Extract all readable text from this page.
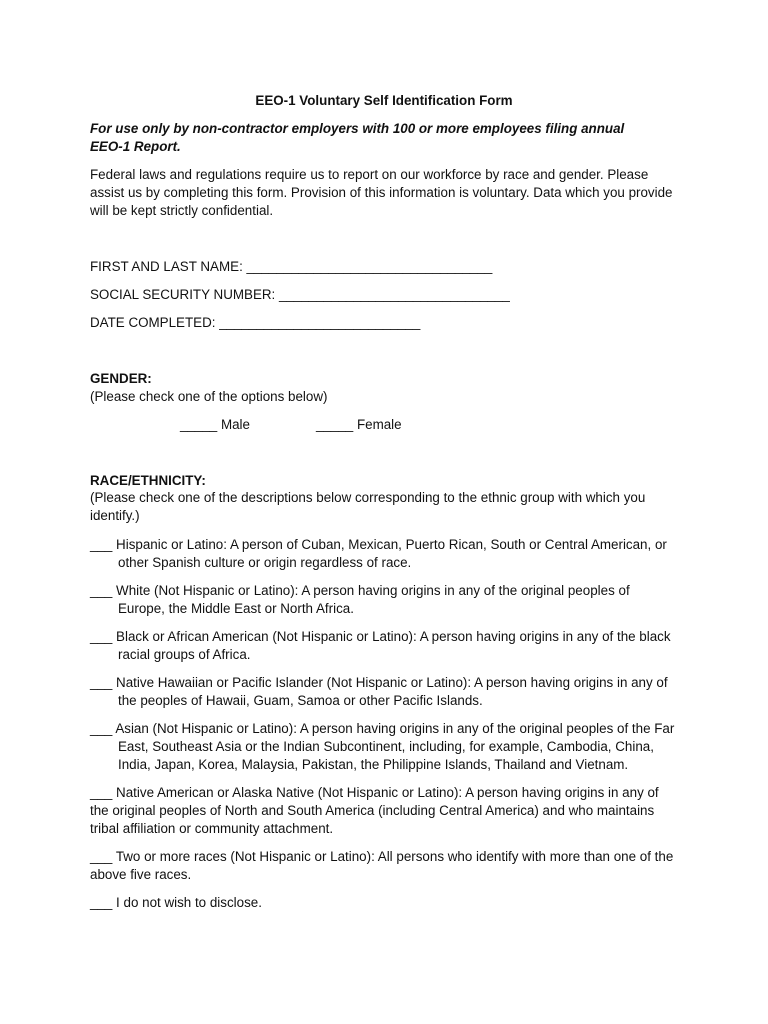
EEO-1 Voluntary Self Identification Form
For use only by non-contractor employers with 100 or more employees filing annual EEO-1 Report.
Federal laws and regulations require us to report on our workforce by race and gender. Please assist us by completing this form. Provision of this information is voluntary. Data which you provide will be kept strictly confidential.
FIRST AND LAST NAME: _________________________________
SOCIAL SECURITY NUMBER: _______________________________
DATE COMPLETED: ___________________________
GENDER:
(Please check one of the options below)
_____ Male	_____ Female
RACE/ETHNICITY:
(Please check one of the descriptions below corresponding to the ethnic group with which you identify.)
___ Hispanic or Latino: A person of Cuban, Mexican, Puerto Rican, South or Central American, or other Spanish culture or origin regardless of race.
___ White (Not Hispanic or Latino): A person having origins in any of the original peoples of Europe, the Middle East or North Africa.
___ Black or African American (Not Hispanic or Latino): A person having origins in any of the black racial groups of Africa.
___ Native Hawaiian or Pacific Islander (Not Hispanic or Latino): A person having origins in any of the peoples of Hawaii, Guam, Samoa or other Pacific Islands.
___ Asian (Not Hispanic or Latino): A person having origins in any of the original peoples of the Far East, Southeast Asia or the Indian Subcontinent, including, for example, Cambodia, China, India, Japan, Korea, Malaysia, Pakistan, the Philippine Islands, Thailand and Vietnam.
___ Native American or Alaska Native (Not Hispanic or Latino): A person having origins in any of the original peoples of North and South America (including Central America) and who maintains tribal affiliation or community attachment.
___ Two or more races (Not Hispanic or Latino): All persons who identify with more than one of the above five races.
___ I do not wish to disclose.
